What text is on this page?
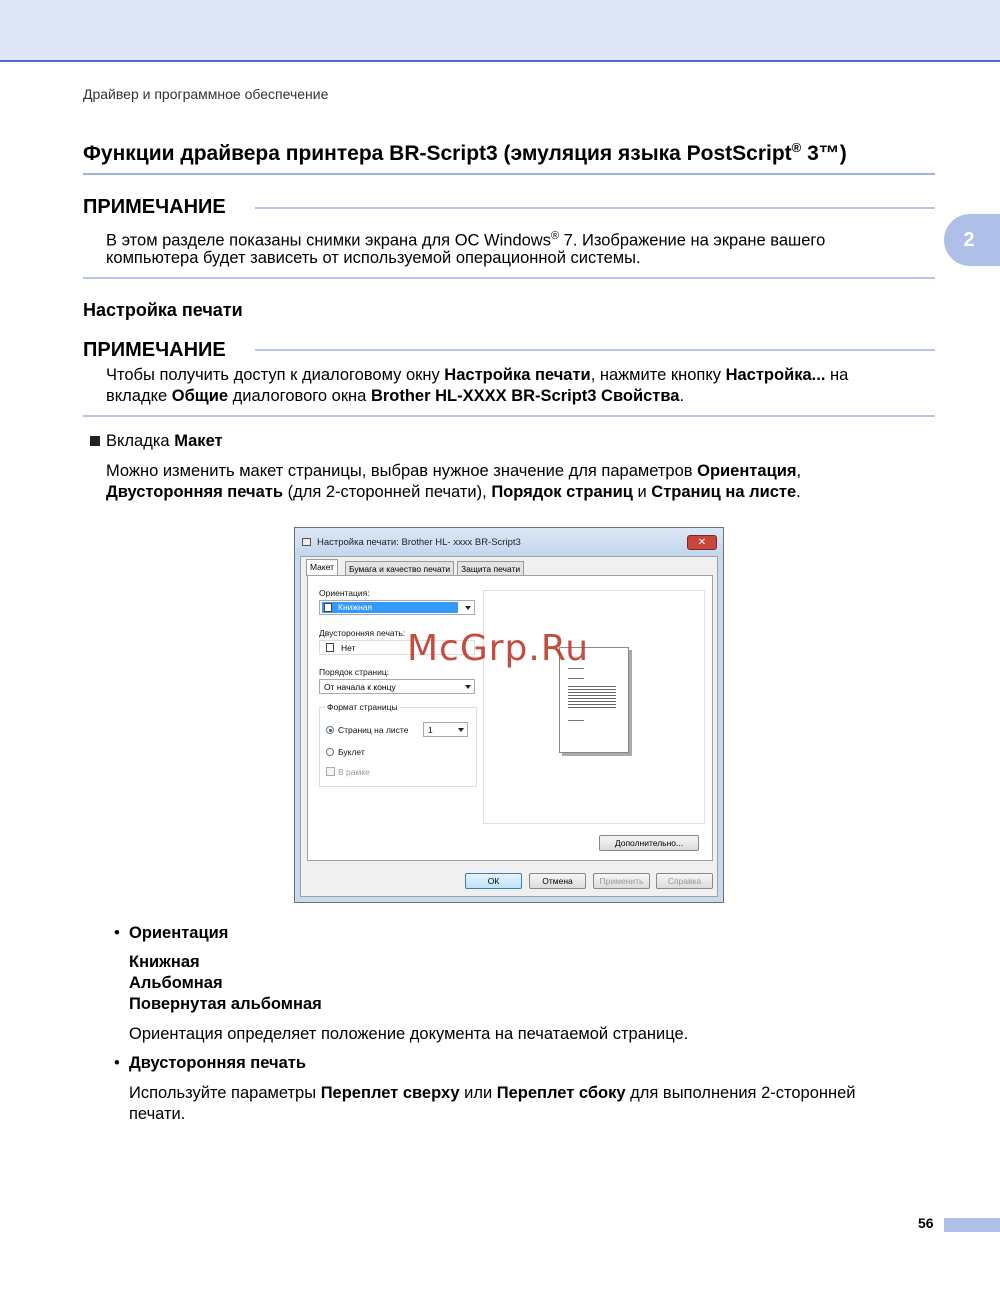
Драйвер и программное обеспечение
Функции драйвера принтера BR-Script3 (эмуляция языка PostScript® 3™)
ПРИМЕЧАНИЕ
В этом разделе показаны снимки экрана для ОС Windows® 7. Изображение на экране вашего
компьютера будет зависеть от используемой операционной системы.
2
Настройка печати
ПРИМЕЧАНИЕ
Чтобы получить доступ к диалоговому окну Настройка печати, нажмите кнопку Настройка... на
вкладке Общие диалогового окна Brother HL-XXXX BR-Script3 Свойства.
Вкладка Макет
Можно изменить макет страницы, выбрав нужное значение для параметров Ориентация,
Двусторонняя печать (для 2-сторонней печати), Порядок страниц и Страниц на листе.
Настройка печати: Brother HL- xxxx BR-Script3	✕
Макет	Бумага и качество печати	Защита печати
Ориентация:
Книжная
Двусторонняя печать:
Нет
Порядок страниц:
От начала к концу
Формат страницы
Страниц на листе 1
Буклет
В рамке
Дополнительно...
ОК	Отмена	Применить	Справка
McGrp.Ru
• Ориентация
Книжная
Альбомная
Повернутая альбомная
Ориентация определяет положение документа на печатаемой странице.
• Двусторонняя печать
Используйте параметры Переплет сверху или Переплет сбоку для выполнения 2-сторонней
печати.
56
